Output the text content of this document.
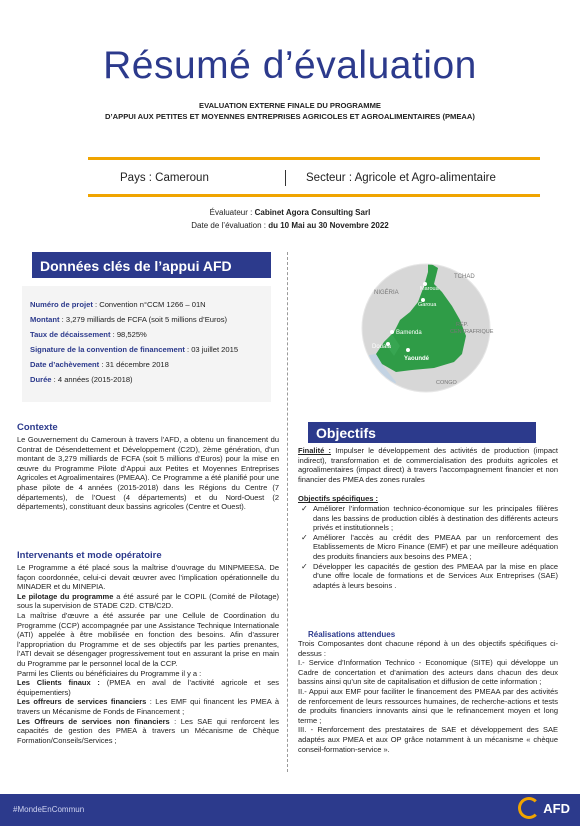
Résumé d’évaluation
EVALUATION EXTERNE FINALE DU PROGRAMME
D’APPUI AUX PETITES ET MOYENNES ENTREPRISES AGRICOLES ET AGROALIMENTAIRES (PMEAA)
Pays : Cameroun	Secteur : Agricole et Agro-alimentaire
Évaluateur : Cabinet Agora Consulting Sarl
Date de l’évaluation : du 10 Mai au 30 Novembre 2022
Données clés de l’appui AFD
Numéro de projet : Convention n°CCM 1266 – 01N
Montant : 3,279 milliards de FCFA (soit 5 millions d’Euros)
Taux de décaissement : 98,525%
Signature de la convention de financement : 03 juillet 2015
Date d’achèvement : 31 décembre 2018
Durée : 4 années (2015-2018)
TCHAD
NIGÉRIA
Maroua
Garoua
Bamenda
Douala
Yaoundé
RÉP.
CENTRAFRIQUE
CONGO
Contexte
Le Gouvernement du Cameroun à travers l’AFD, a obtenu un financement du Contrat de Désendettement et Développement (C2D), 2ème génération, d’un montant de 3,279 milliards de FCFA (soit 5 millions d’Euros) pour la mise en œuvre du Programme Pilote d’Appui aux Petites et Moyennes Entreprises Agricoles et Agroalimentaires (PMEAA). Ce Programme a été planifié pour une phase pilote de 4 années (2015-2018) dans les Régions du Centre (7 départements), de l’Ouest (4 départements) et du Nord-Ouest (2 départements), constituant deux bassins agricoles (Centre et Ouest).
Intervenants et mode opératoire
Le Programme a été placé sous la maîtrise d’ouvrage du MINPMEESA. De façon coordonnée, celui-ci devait œuvrer avec l’implication opérationnelle du MINADER et du MINEPIA.
Le pilotage du programme a été assuré par le COPIL (Comité de Pilotage) sous la supervision de STADE C2D. CTB/C2D.
La maîtrise d’œuvre a été assurée par une Cellule de Coordination du Programme (CCP) accompagnée par une Assistance Technique Internationale (ATI) appelée à être mobilisée en fonction des besoins. Afin d’assurer l’appropriation du Programme et de ses objectifs par les parties prenantes, l’ATI devait se désengager progressivement tout en assurant la prise en main du Programme par le personnel local de la CCP.
Parmi les Clients ou bénéficiaires du Programme il y a :
Les Clients finaux : (PMEA en aval de l’activité agricole et ses équipementiers)
Les offreurs de services financiers : Les EMF qui financent les PMEA à travers un Mécanisme de Fonds de Financement ;
Les Offreurs de services non financiers : Les SAE qui renforcent les capacités de gestion des PMEA à travers un Mécanisme de Chèque Formation/Conseils/Services ;
Objectifs
Finalité : Impulser le développement des activités de production (impact indirect), transformation et de commercialisation des produits agricoles et agroalimentaires (impact direct) à travers l’accompagnement financier et non financier des PMEA des zones rurales
Objectifs spécifiques :
✓ Améliorer l’information technico-économique sur les principales filières dans les bassins de production ciblés à destination des différents acteurs privés et institutionnels ;
✓ Améliorer l’accès au crédit des PMEAA par un renforcement des Etablissements de Micro Finance (EMF) et par une meilleure adéquation des produits financiers aux besoins des PMEA ;
✓ Développer les capacités de gestion des PMEAA par la mise en place d’une offre locale de formations et de Services Aux Entreprises (SAE) adaptés à leurs besoins .
Réalisations attendues
Trois Composantes dont chacune répond à un des objectifs spécifiques ci-dessus :
I.- Service d’Information Technico - Economique (SITE) qui développe un Cadre de concertation et d’animation des acteurs dans chacun des deux bassins ainsi qu’un site de capitalisation et diffusion de cette information ;
II.- Appui aux EMF pour faciliter le financement des PMEAA par des activités de renforcement de leurs ressources humaines, de recherche-actions et tests de produits financiers innovants ainsi que le refinancement moyen et long terme ;
III. - Renforcement des prestataires de SAE et développement des SAE adaptés aux PMEA et aux OP grâce notamment à un mécanisme « chèque conseil-formation-service ».
#MondeEnCommun	AFD
